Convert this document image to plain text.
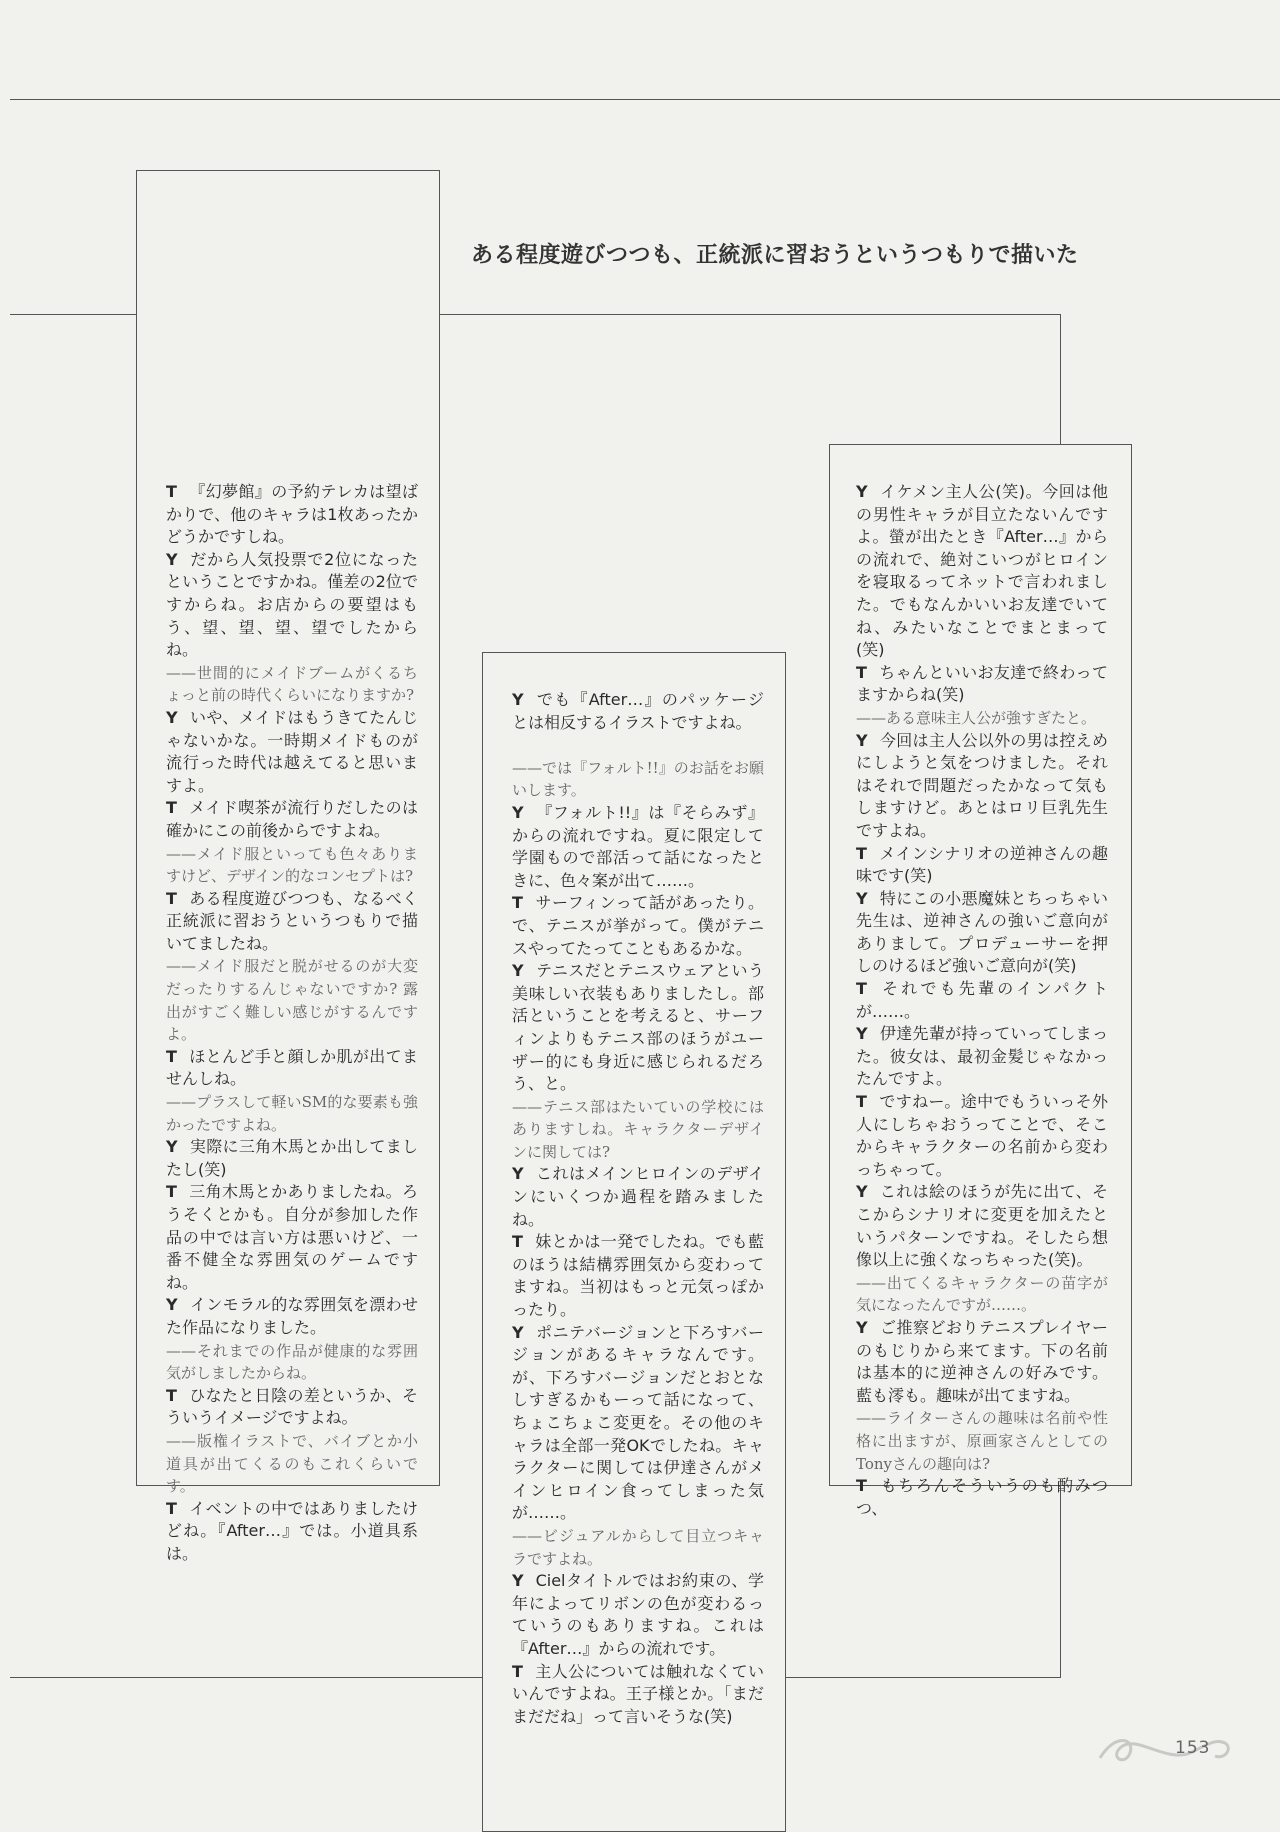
ある程度遊びつつも、正統派に習おうというつもりで描いた

T 『幻夢館』の予約テレカは望ばかりで、他のキャラは1枚あったかどうかですしね。

Y だから人気投票で2位になったということですかね。僅差の2位ですからね。お店からの要望はもう、望、望、望、望でしたからね。

——世間的にメイドブームがくるちょっと前の時代くらいになりますか?

Y いや、メイドはもうきてたんじゃないかな。一時期メイドものが流行った時代は越えてると思いますよ。

T メイド喫茶が流行りだしたのは確かにこの前後からですよね。

——メイド服といっても色々ありますけど、デザイン的なコンセプトは?

T ある程度遊びつつも、なるべく正統派に習おうというつもりで描いてましたね。

——メイド服だと脱がせるのが大変だったりするんじゃないですか? 露出がすごく難しい感じがするんですよ。

T ほとんど手と顔しか肌が出てませんしね。

——プラスして軽いSM的な要素も強かったですよね。

Y 実際に三角木馬とか出してましたし(笑)

T 三角木馬とかありましたね。ろうそくとかも。自分が参加した作品の中では言い方は悪いけど、一番不健全な雰囲気のゲームですね。

Y インモラル的な雰囲気を漂わせた作品になりました。

——それまでの作品が健康的な雰囲気がしましたからね。

T ひなたと日陰の差というか、そういうイメージですよね。

——版権イラストで、バイブとか小道具が出てくるのもこれくらいです。

T イベントの中ではありましたけどね。『After…』では。小道具系は。

Y でも『After…』のパッケージとは相反するイラストですよね。

——では『フォルト!!』のお話をお願いします。

Y 『フォルト!!』は『そらみず』からの流れですね。夏に限定して学園もので部活って話になったときに、色々案が出て……。

T サーフィンって話があったり。で、テニスが挙がって。僕がテニスやってたってこともあるかな。

Y テニスだとテニスウェアという美味しい衣装もありましたし。部活ということを考えると、サーフィンよりもテニス部のほうがユーザー的にも身近に感じられるだろう、と。

——テニス部はたいていの学校にはありますしね。キャラクターデザインに関しては?

Y これはメインヒロインのデザインにいくつか過程を踏みましたね。

T 妹とかは一発でしたね。でも藍のほうは結構雰囲気から変わってますね。当初はもっと元気っぽかったり。

Y ポニテバージョンと下ろすバージョンがあるキャラなんです。が、下ろすバージョンだとおとなしすぎるかもーって話になって、ちょこちょこ変更を。その他のキャラは全部一発OKでしたね。キャラクターに関しては伊達さんがメインヒロイン食ってしまった気が……。

——ビジュアルからして目立つキャラですよね。

Y Cielタイトルではお約束の、学年によってリボンの色が変わるっていうのもありますね。これは『After…』からの流れです。

T 主人公については触れなくていいんですよね。王子様とか。「まだまだだね」って言いそうな(笑)

Y イケメン主人公(笑)。今回は他の男性キャラが目立たないんですよ。螢が出たとき『After…』からの流れで、絶対こいつがヒロインを寝取るってネットで言われました。でもなんかいいお友達でいてね、みたいなことでまとまって(笑)

T ちゃんといいお友達で終わってますからね(笑)

——ある意味主人公が強すぎたと。

Y 今回は主人公以外の男は控えめにしようと気をつけました。それはそれで問題だったかなって気もしますけど。あとはロリ巨乳先生ですよね。

T メインシナリオの逆神さんの趣味です(笑)

Y 特にこの小悪魔妹とちっちゃい先生は、逆神さんの強いご意向がありまして。プロデューサーを押しのけるほど強いご意向が(笑)

T それでも先輩のインパクトが……。

Y 伊達先輩が持っていってしまった。彼女は、最初金髪じゃなかったんですよ。

T ですねー。途中でもういっそ外人にしちゃおうってことで、そこからキャラクターの名前から変わっちゃって。

Y これは絵のほうが先に出て、そこからシナリオに変更を加えたというパターンですね。そしたら想像以上に強くなっちゃった(笑)。

——出てくるキャラクターの苗字が気になったんですが……。

Y ご推察どおりテニスプレイヤーのもじりから来てます。下の名前は基本的に逆神さんの好みです。藍も澪も。趣味が出てますね。

——ライターさんの趣味は名前や性格に出ますが、原画家さんとしてのTonyさんの趣向は?

T もちろんそういうのも酌みつつ、

153
